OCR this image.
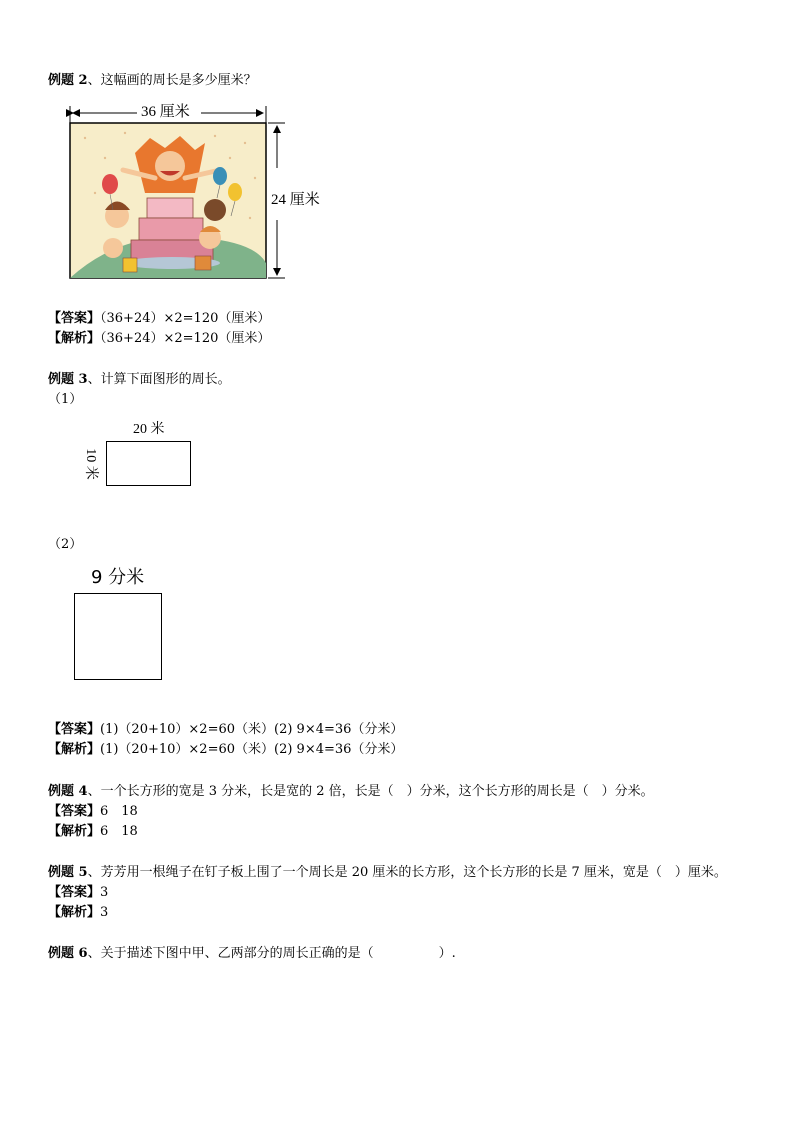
例题 2、这幅画的周长是多少厘米？
36 厘米
24 厘米
【答案】（36+24）×2=120（厘米）
【解析】（36+24）×2=120（厘米）
例题 3、计算下面图形的周长。
（1）
20 米
10 米
（2）
9 分米
【答案】(1)（20+10）×2=60（米）(2) 9×4=36（分米）
【解析】(1)（20+10）×2=60（米）(2) 9×4=36（分米）
例题 4、一个长方形的宽是 3 分米，长是宽的 2 倍，长是（　）分米，这个长方形的周长是（　）分米。
【答案】6　18
【解析】6　18
例题 5、芳芳用一根绳子在钉子板上围了一个周长是 20 厘米的长方形，这个长方形的长是 7 厘米，宽是（　）厘米。
【答案】3
【解析】3
例题 6、关于描述下图中甲、乙两部分的周长正确的是（　　　　　）.
